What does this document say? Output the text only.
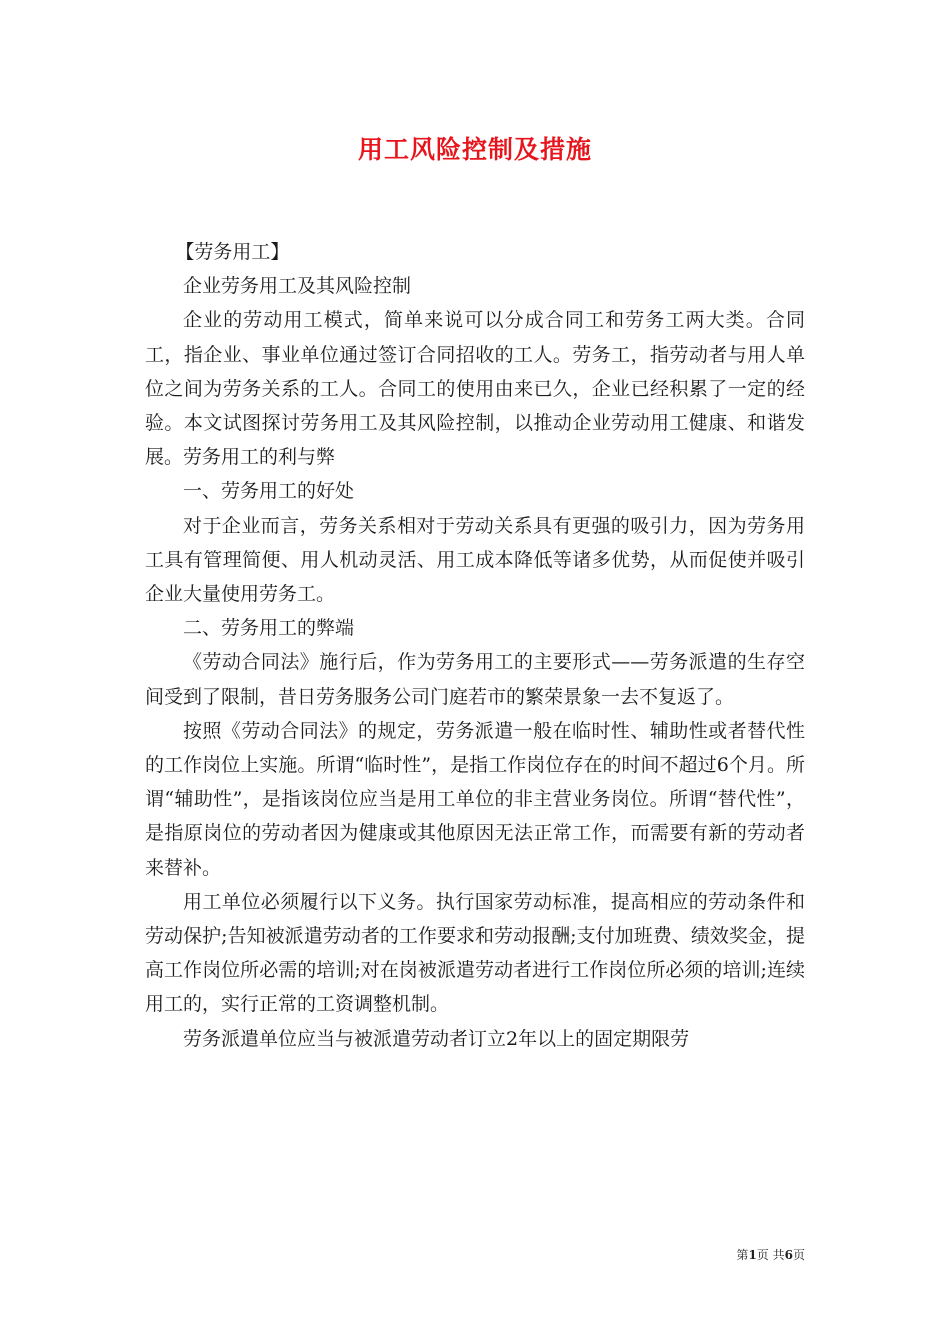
用工风险控制及措施

【劳务用工】

企业劳务用工及其风险控制

企业的劳动用工模式，简单来说可以分成合同工和劳务工两大类。合同工，指企业、事业单位通过签订合同招收的工人。劳务工，指劳动者与用人单位之间为劳务关系的工人。合同工的使用由来已久，企业已经积累了一定的经验。本文试图探讨劳务用工及其风险控制，以推动企业劳动用工健康、和谐发展。劳务用工的利与弊

一、劳务用工的好处

对于企业而言，劳务关系相对于劳动关系具有更强的吸引力，因为劳务用工具有管理简便、用人机动灵活、用工成本降低等诸多优势，从而促使并吸引企业大量使用劳务工。

二、劳务用工的弊端

《劳动合同法》施行后，作为劳务用工的主要形式——劳务派遣的生存空间受到了限制，昔日劳务服务公司门庭若市的繁荣景象一去不复返了。

按照《劳动合同法》的规定，劳务派遣一般在临时性、辅助性或者替代性的工作岗位上实施。所谓“临时性”，是指工作岗位存在的时间不超过6个月。所谓“辅助性”，是指该岗位应当是用工单位的非主营业务岗位。所谓“替代性”，是指原岗位的劳动者因为健康或其他原因无法正常工作，而需要有新的劳动者来替补。

用工单位必须履行以下义务。执行国家劳动标准，提高相应的劳动条件和劳动保护;告知被派遣劳动者的工作要求和劳动报酬;支付加班费、绩效奖金，提高工作岗位所必需的培训;对在岗被派遣劳动者进行工作岗位所必须的培训;连续用工的，实行正常的工资调整机制。

劳务派遣单位应当与被派遣劳动者订立2年以上的固定期限劳

第1页 共6页
